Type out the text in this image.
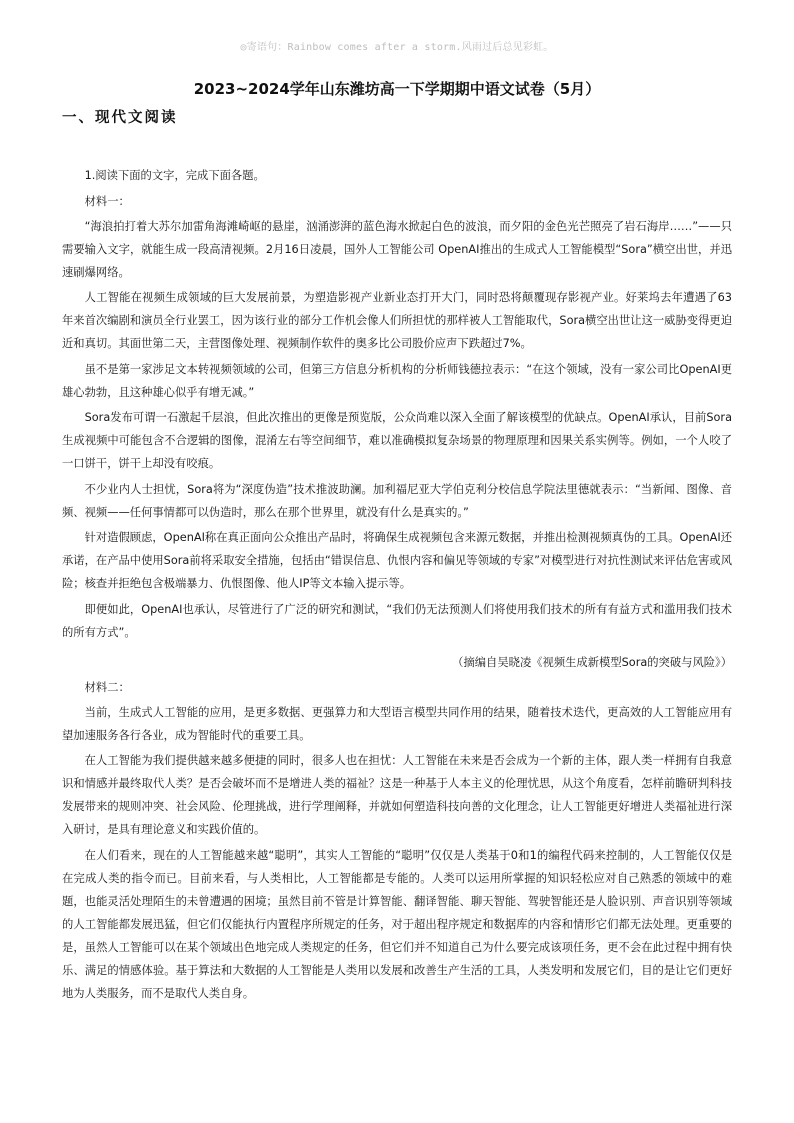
◎寄语句：Rainbow comes after a storm.风雨过后总见彩虹。
2023~2024学年山东潍坊高一下学期期中语文试卷（5月）
一、现代文阅读

1.阅读下面的文字，完成下面各题。

材料一：

“海浪拍打着大苏尔加雷角海滩崎岖的悬崖，汹涌澎湃的蓝色海水掀起白色的波浪，而夕阳的金色光芒照亮了岩石海岸……”——只需要输入文字，就能生成一段高清视频。2月16日凌晨，国外人工智能公司 OpenAI推出的生成式人工智能模型“Sora”横空出世，并迅速刷爆网络。

人工智能在视频生成领域的巨大发展前景，为塑造影视产业新业态打开大门，同时恐将颠覆现存影视产业。好莱坞去年遭遇了63 年来首次编剧和演员全行业罢工，因为该行业的部分工作机会像人们所担忧的那样被人工智能取代，Sora横空出世让这一威胁变得更迫近和真切。其面世第二天，主营图像处理、视频制作软件的奥多比公司股价应声下跌超过7%。

虽不是第一家涉足文本转视频领域的公司，但第三方信息分析机构的分析师钱德拉表示：“在这个领域，没有一家公司比OpenAI更雄心勃勃，且这种雄心似乎有增无减。”

Sora发布可谓一石激起千层浪，但此次推出的更像是预览版，公众尚难以深入全面了解该模型的优缺点。OpenAI承认，目前Sora生成视频中可能包含不合逻辑的图像，混淆左右等空间细节，难以准确模拟复杂场景的物理原理和因果关系实例等。例如，一个人咬了一口饼干，饼干上却没有咬痕。

不少业内人士担忧，Sora将为“深度伪造”技术推波助澜。加利福尼亚大学伯克利分校信息学院法里德就表示：“当新闻、图像、音频、视频——任何事情都可以伪造时，那么在那个世界里，就没有什么是真实的。”

针对造假顾虑，OpenAI称在真正面向公众推出产品时，将确保生成视频包含来源元数据，并推出检测视频真伪的工具。OpenAI还承诺，在产品中使用Sora前将采取安全措施，包括由“错误信息、仇恨内容和偏见等领域的专家”对模型进行对抗性测试来评估危害或风险；核查并拒绝包含极端暴力、仇恨图像、他人IP等文本输入提示等。

即便如此，OpenAI也承认，尽管进行了广泛的研究和测试，“我们仍无法预测人们将使用我们技术的所有有益方式和滥用我们技术的所有方式”。

（摘编自吴晓凌《视频生成新模型Sora的突破与风险》）

材料二：

当前，生成式人工智能的应用，是更多数据、更强算力和大型语言模型共同作用的结果，随着技术迭代，更高效的人工智能应用有望加速服务各行各业，成为智能时代的重要工具。

在人工智能为我们提供越来越多便捷的同时，很多人也在担忧：人工智能在未来是否会成为一个新的主体，跟人类一样拥有自我意识和情感并最终取代人类？是否会破坏而不是增进人类的福祉？这是一种基于人本主义的伦理忧思，从这个角度看，怎样前瞻研判科技发展带来的规则冲突、社会风险、伦理挑战，进行学理阐释，并就如何塑造科技向善的文化理念，让人工智能更好增进人类福祉进行深入研讨，是具有理论意义和实践价值的。

在人们看来，现在的人工智能越来越“聪明”，其实人工智能的“聪明”仅仅是人类基于0和1的编程代码来控制的，人工智能仅仅是在完成人类的指令而已。目前来看，与人类相比，人工智能都是专能的。人类可以运用所掌握的知识轻松应对自己熟悉的领域中的难题，也能灵活处理陌生的未曾遭遇的困境；虽然目前不管是计算智能、翻译智能、聊天智能、驾驶智能还是人脸识别、声音识别等领域的人工智能都发展迅猛，但它们仅能执行内置程序所规定的任务，对于超出程序规定和数据库的内容和情形它们都无法处理。更重要的是，虽然人工智能可以在某个领域出色地完成人类规定的任务，但它们并不知道自己为什么要完成该项任务，更不会在此过程中拥有快乐、满足的情感体验。基于算法和大数据的人工智能是人类用以发展和改善生产生活的工具，人类发明和发展它们，目的是让它们更好地为人类服务，而不是取代人类自身。
